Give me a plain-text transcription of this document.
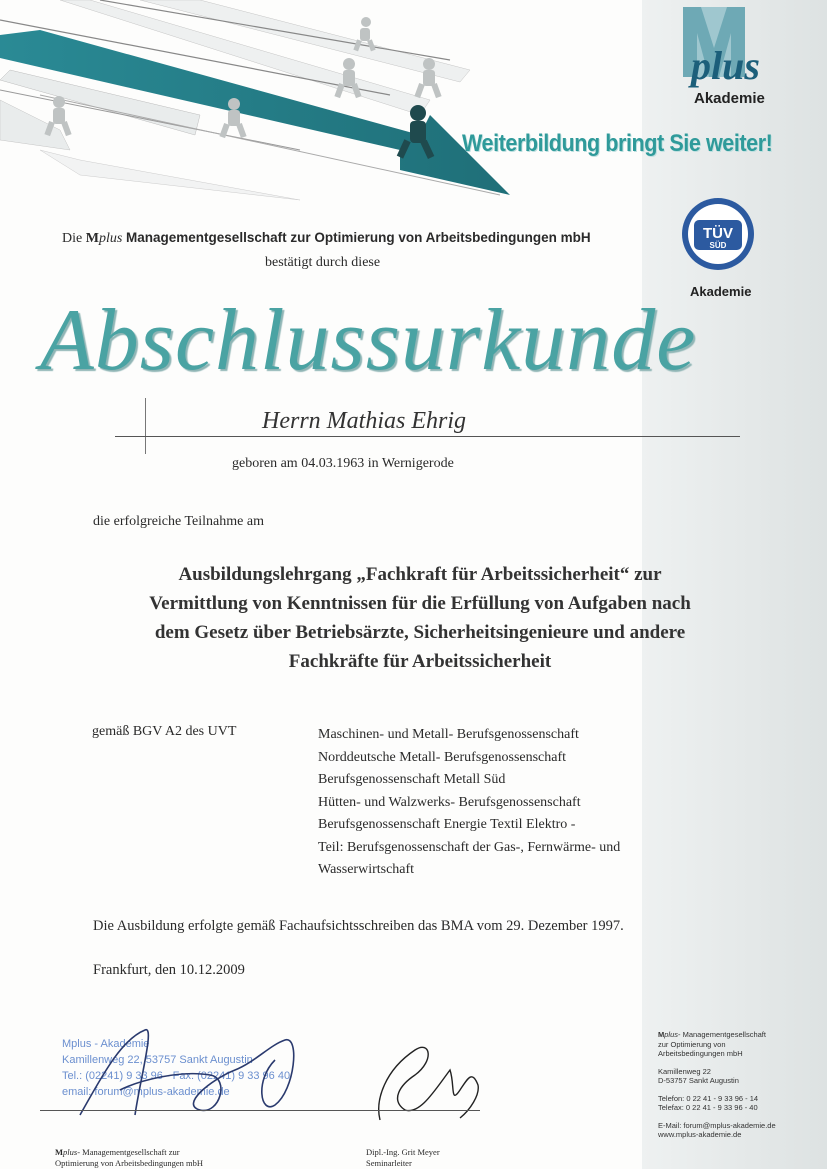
plus
Akademie
Weiterbildung bringt Sie weiter!
TÜV
SÜD
Akademie
Die Mplus Managementgesellschaft zur Optimierung von Arbeitsbedingungen mbH
bestätigt durch diese
Abschlussurkunde
Herrn Mathias Ehrig
geboren am 04.03.1963 in Wernigerode
die erfolgreiche Teilnahme am
Ausbildungslehrgang „Fachkraft für Arbeitssicherheit“ zur
Vermittlung von Kenntnissen für die Erfüllung von Aufgaben nach
dem Gesetz über Betriebsärzte, Sicherheitsingenieure und andere
Fachkräfte für Arbeitssicherheit
gemäß BGV A2 des UVT	Maschinen- und Metall- Berufsgenossenschaft
Norddeutsche Metall- Berufsgenossenschaft
Berufsgenossenschaft Metall Süd
Hütten- und Walzwerks- Berufsgenossenschaft
Berufsgenossenschaft Energie Textil Elektro -
Teil: Berufsgenossenschaft der Gas-, Fernwärme- und
Wasserwirtschaft
Die Ausbildung erfolgte gemäß Fachaufsichtsschreiben das BMA vom 29. Dezember 1997.
Frankfurt, den 10.12.2009
Mplus - Akademie
Kamillenweg 22, 53757 Sankt Augustin
Tel.: (02241) 9 33 96 - Fax: (02241) 9 33 96 40
email: forum@mplus-akademie.de
Mplus- Managementgesellschaft zur
Optimierung von Arbeitsbedingungen mbH
Dipl.-Ing. Grit Meyer
Seminarleiter
Mplus- Managementgesellschaft
zur Optimierung von
Arbeitsbedingungen mbH
Kamillenweg 22
D-53757 Sankt Augustin
Telefon: 0 22 41 - 9 33 96 - 14
Telefax: 0 22 41 - 9 33 96 - 40
E-Mail: forum@mplus-akademie.de
www.mplus-akademie.de
